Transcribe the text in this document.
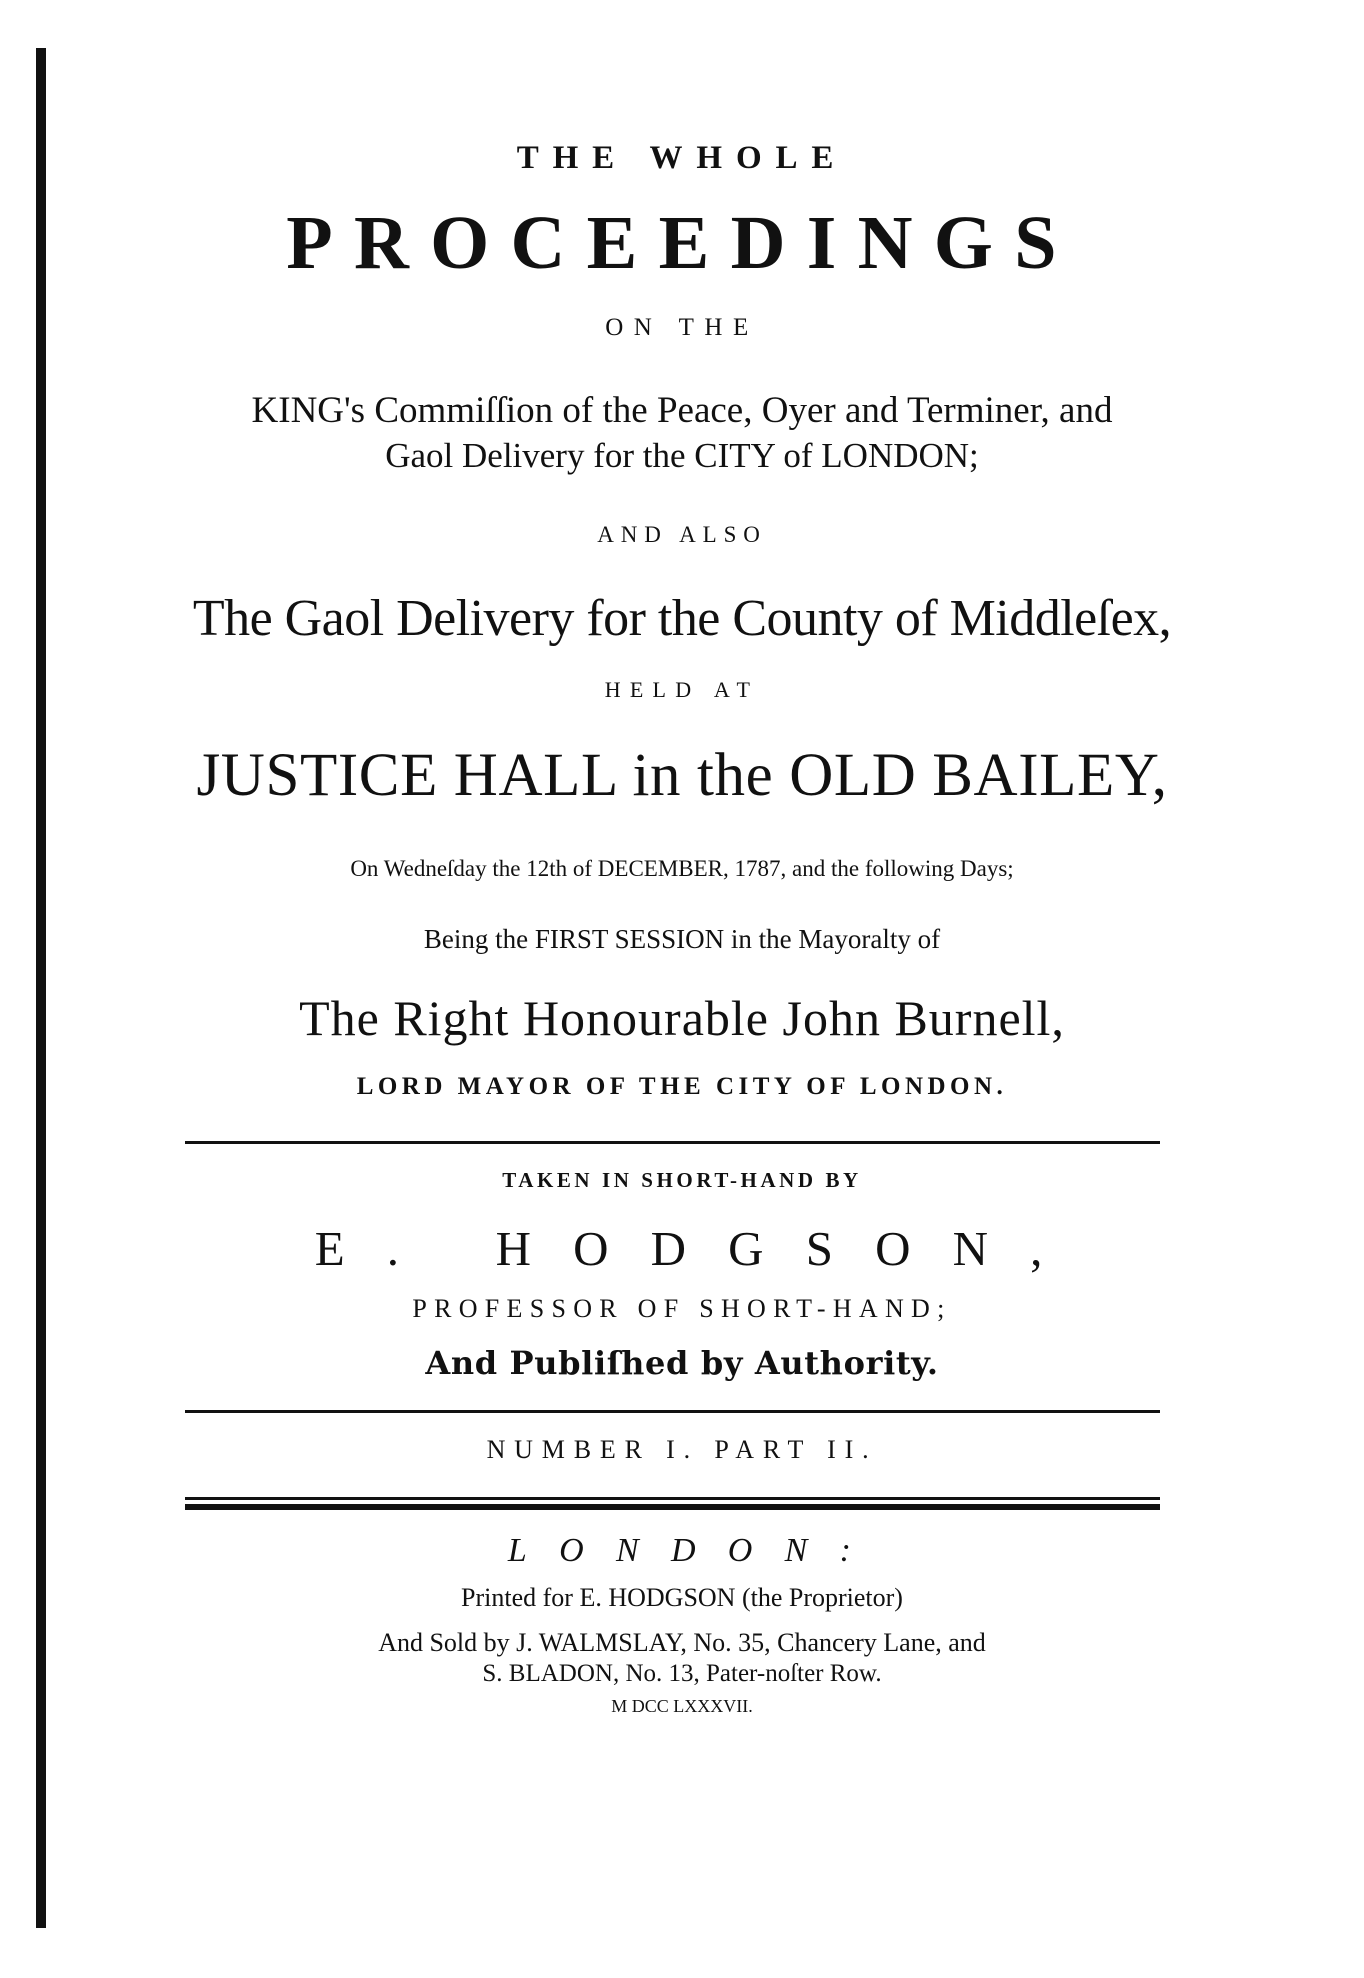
THE WHOLE
PROCEEDINGS
ON THE
KING's Commiſſion of the Peace, Oyer and Terminer, and
Gaol Delivery for the CITY of LONDON;
AND ALSO
The Gaol Delivery for the County of Middleſex,
HELD AT
JUSTICE HALL in the OLD BAILEY,
On Wedneſday the 12th of DECEMBER, 1787, and the following Days;
Being the FIRST SESSION in the Mayoralty of
The Right Honourable John Burnell,
LORD MAYOR OF THE CITY OF LONDON.
TAKEN IN SHORT-HAND BY
E. HODGSON,
PROFESSOR OF SHORT-HAND;
And Publiſhed by Authority.
NUMBER I. PART II.
LONDON:
Printed for E. HODGSON (the Proprietor)
And Sold by J. WALMSLAY, No. 35, Chancery Lane, and
S. BLADON, No. 13, Pater-noſter Row.
M DCC LXXXVII.
